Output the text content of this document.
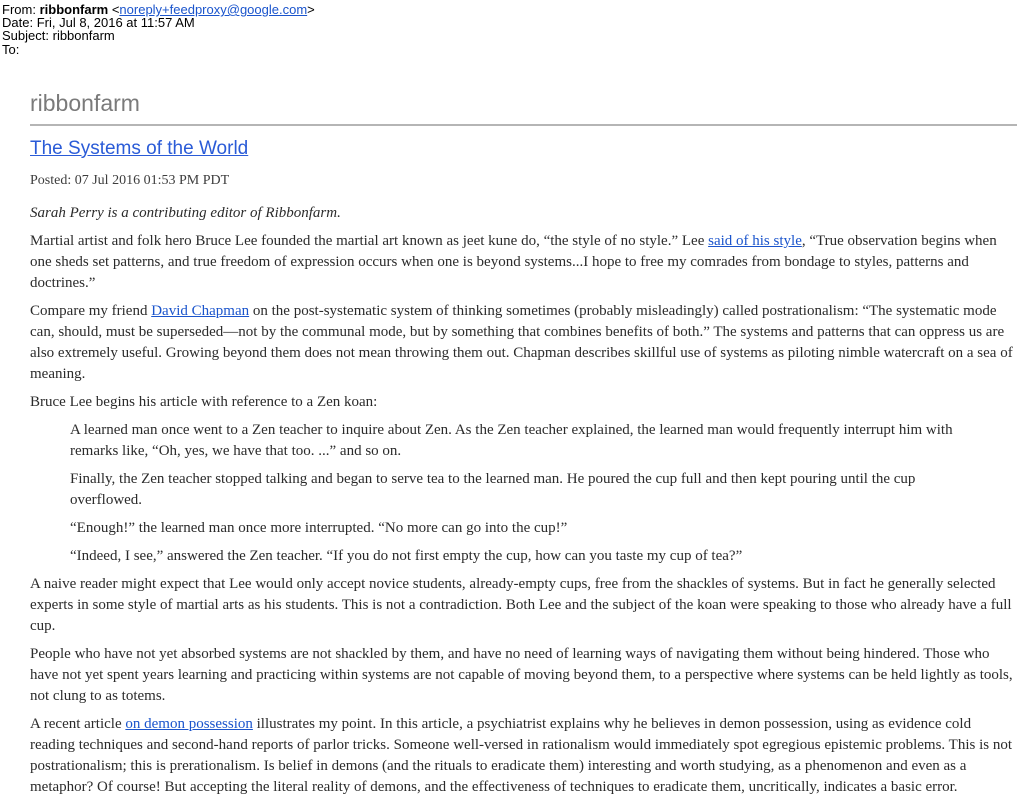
From: ribbonfarm <noreply+feedproxy@google.com>
Date: Fri, Jul 8, 2016 at 11:57 AM
Subject: ribbonfarm
To:
ribbonfarm
The Systems of the World
Posted: 07 Jul 2016 01:53 PM PDT
Sarah Perry is a contributing editor of Ribbonfarm.

Martial artist and folk hero Bruce Lee founded the martial art known as jeet kune do, “the style of no style.” Lee said of his style, “True observation begins when one sheds set patterns, and true freedom of expression occurs when one is beyond systems...I hope to free my comrades from bondage to styles, patterns and doctrines.”

Compare my friend David Chapman on the post-systematic system of thinking sometimes (probably misleadingly) called postrationalism: “The systematic mode can, should, must be superseded—not by the communal mode, but by something that combines benefits of both.” The systems and patterns that can oppress us are also extremely useful. Growing beyond them does not mean throwing them out. Chapman describes skillful use of systems as piloting nimble watercraft on a sea of meaning.

Bruce Lee begins his article with reference to a Zen koan:

A learned man once went to a Zen teacher to inquire about Zen. As the Zen teacher explained, the learned man would frequently interrupt him with remarks like, “Oh, yes, we have that too. ...” and so on.

Finally, the Zen teacher stopped talking and began to serve tea to the learned man. He poured the cup full and then kept pouring until the cup overflowed.

“Enough!” the learned man once more interrupted. “No more can go into the cup!”

“Indeed, I see,” answered the Zen teacher. “If you do not first empty the cup, how can you taste my cup of tea?”

A naive reader might expect that Lee would only accept novice students, already-empty cups, free from the shackles of systems. But in fact he generally selected experts in some style of martial arts as his students. This is not a contradiction. Both Lee and the subject of the koan were speaking to those who already have a full cup.

People who have not yet absorbed systems are not shackled by them, and have no need of learning ways of navigating them without being hindered. Those who have not yet spent years learning and practicing within systems are not capable of moving beyond them, to a perspective where systems can be held lightly as tools, not clung to as totems.

A recent article on demon possession illustrates my point. In this article, a psychiatrist explains why he believes in demon possession, using as evidence cold reading techniques and second-hand reports of parlor tricks. Someone well-versed in rationalism would immediately spot egregious epistemic problems. This is not postrationalism; this is prerationalism. Is belief in demons (and the rituals to eradicate them) interesting and worth studying, as a phenomenon and even as a metaphor? Of course! But accepting the literal reality of demons, and the effectiveness of techniques to eradicate them, uncritically, indicates a basic error.
